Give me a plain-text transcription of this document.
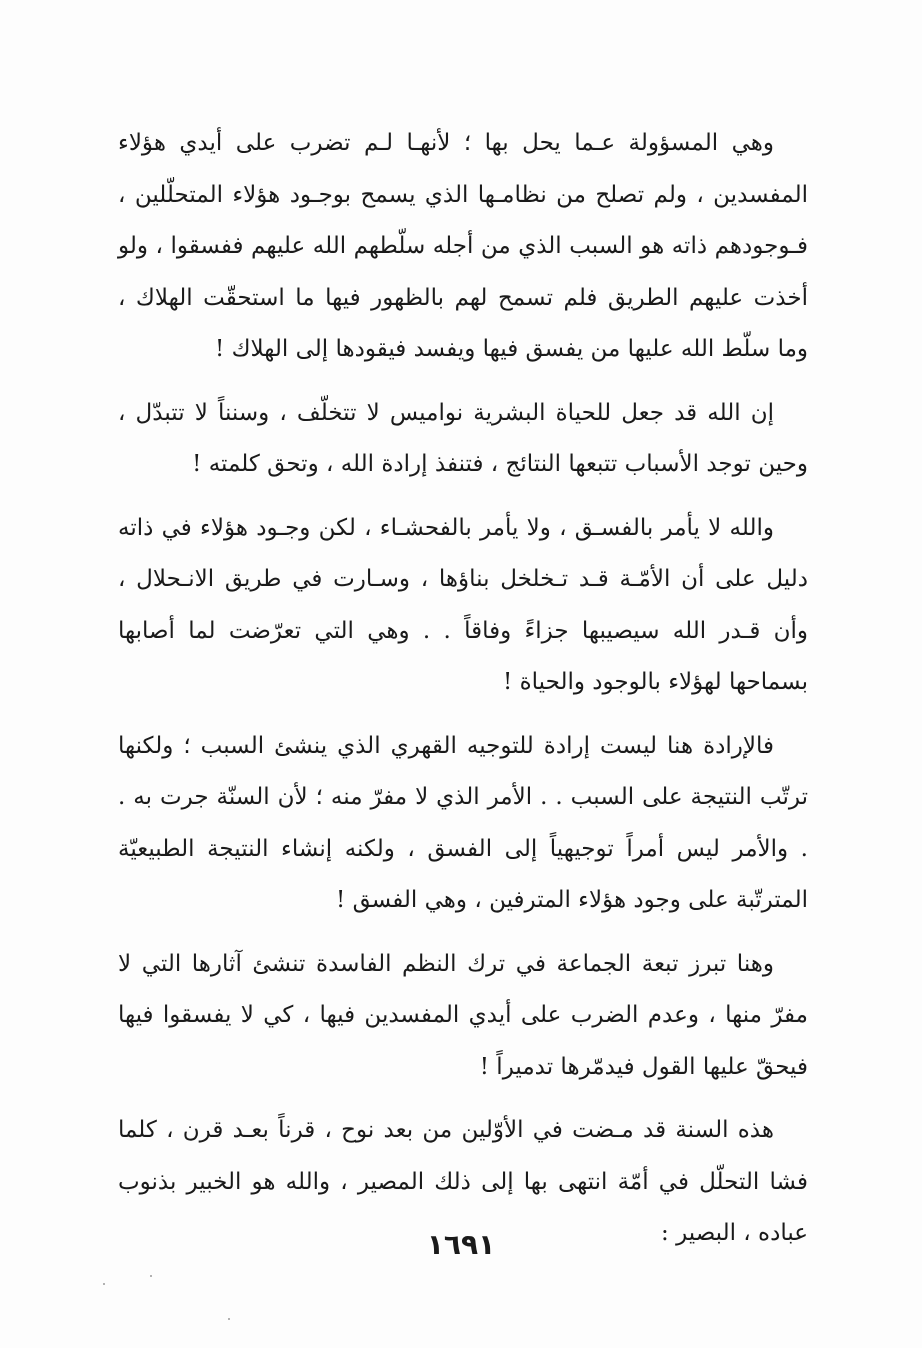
وهي المسؤولة عـما يحل بها ؛ لأنهـا لـم تضرب على أيدي هؤلاء المفسدين ، ولم تصلح من نظامـها الذي يسمح بوجـود هؤلاء المتحلّلين ، فـوجودهم ذاته هو السبب الذي من أجله سلّطهم الله عليهم ففسقوا ، ولو أخذت عليهم الطريق فلم تسمح لهم بالظهور فيها ما استحقّت الهلاك ، وما سلّط الله عليها من يفسق فيها ويفسد فيقودها إلى الهلاك !

إن الله قد جعل للحياة البشرية نواميس لا تتخلّف ، وسنناً لا تتبدّل ، وحين توجد الأسباب تتبعها النتائج ، فتنفذ إرادة الله ، وتحق كلمته !

والله لا يأمر بالفسـق ، ولا يأمر بالفحشـاء ، لكن وجـود هؤلاء في ذاته دليل على أن الأمّـة قـد تـخلخل بناؤها ، وسـارت في طريق الانـحلال ، وأن قـدر الله سيصيبها جزاءً وفاقاً . . وهي التي تعرّضت لما أصابها بسماحها لهؤلاء بالوجود والحياة !

فالإرادة هنا ليست إرادة للتوجيه القهري الذي ينشئ السبب ؛ ولكنها ترتّب النتيجة على السبب . . الأمر الذي لا مفرّ منه ؛ لأن السنّة جرت به . . والأمر ليس أمراً توجيهياً إلى الفسق ، ولكنه إنشاء النتيجة الطبيعيّة المترتّبة على وجود هؤلاء المترفين ، وهي الفسق !

وهنا تبرز تبعة الجماعة في ترك النظم الفاسدة تنشئ آثارها التي لا مفرّ منها ، وعدم الضرب على أيدي المفسدين فيها ، كي لا يفسقوا فيها فيحقّ عليها القول فيدمّرها تدميراً !

هذه السنة قد مـضت في الأوّلين من بعد نوح ، قرناً بعـد قرن ، كلما فشا التحلّل في أمّة انتهى بها إلى ذلك المصير ، والله هو الخبير بذنوب عباده ، البصير :

١٦٩١
